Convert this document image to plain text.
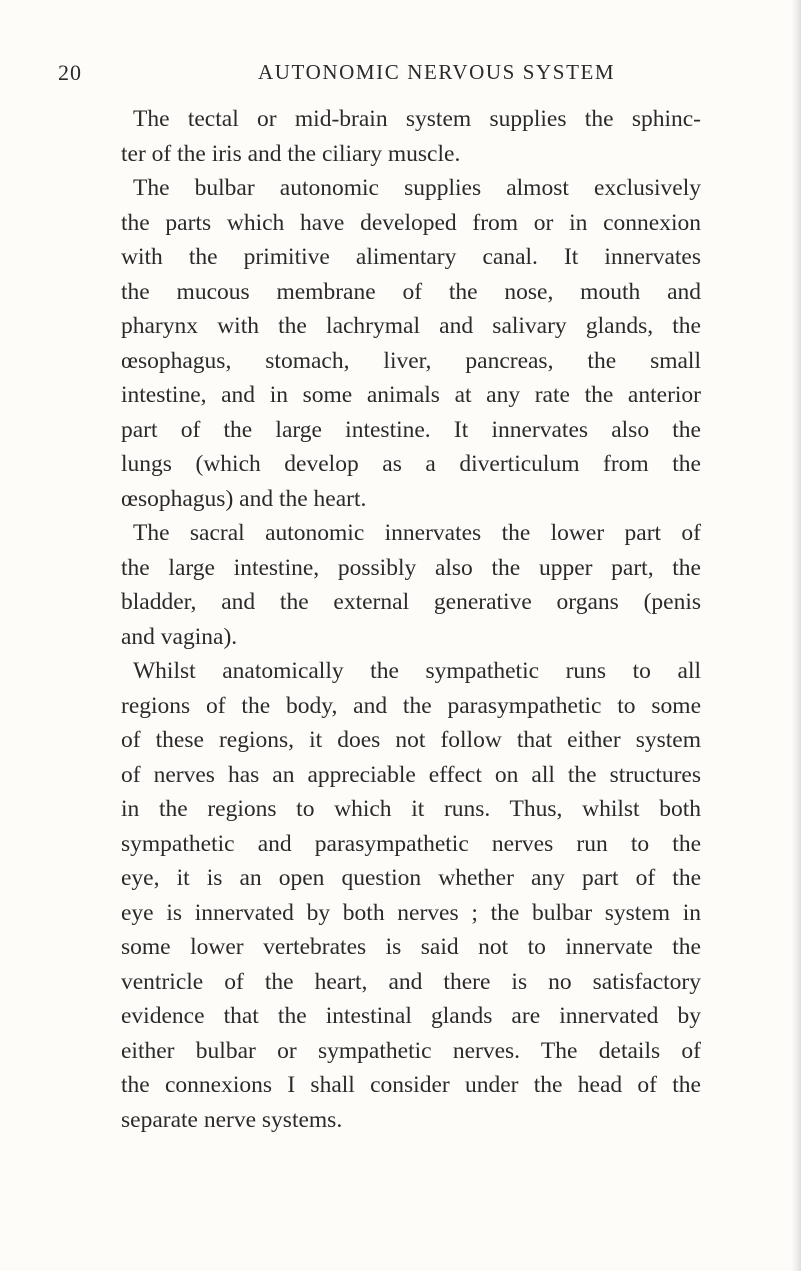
20	AUTONOMIC NERVOUS SYSTEM
The tectal or mid-brain system supplies the sphinc-
ter of the iris and the ciliary muscle.
The bulbar autonomic supplies almost exclusively
the parts which have developed from or in connexion
with the primitive alimentary canal. It innervates
the mucous membrane of the nose, mouth and
pharynx with the lachrymal and salivary glands, the
œsophagus, stomach, liver, pancreas, the small
intestine, and in some animals at any rate the anterior
part of the large intestine. It innervates also the
lungs (which develop as a diverticulum from the
œsophagus) and the heart.
The sacral autonomic innervates the lower part of
the large intestine, possibly also the upper part, the
bladder, and the external generative organs (penis
and vagina).
Whilst anatomically the sympathetic runs to all
regions of the body, and the parasympathetic to some
of these regions, it does not follow that either system
of nerves has an appreciable effect on all the structures
in the regions to which it runs. Thus, whilst both
sympathetic and parasympathetic nerves run to the
eye, it is an open question whether any part of the
eye is innervated by both nerves ; the bulbar system in
some lower vertebrates is said not to innervate the
ventricle of the heart, and there is no satisfactory
evidence that the intestinal glands are innervated by
either bulbar or sympathetic nerves. The details of
the connexions I shall consider under the head of the
separate nerve systems.
